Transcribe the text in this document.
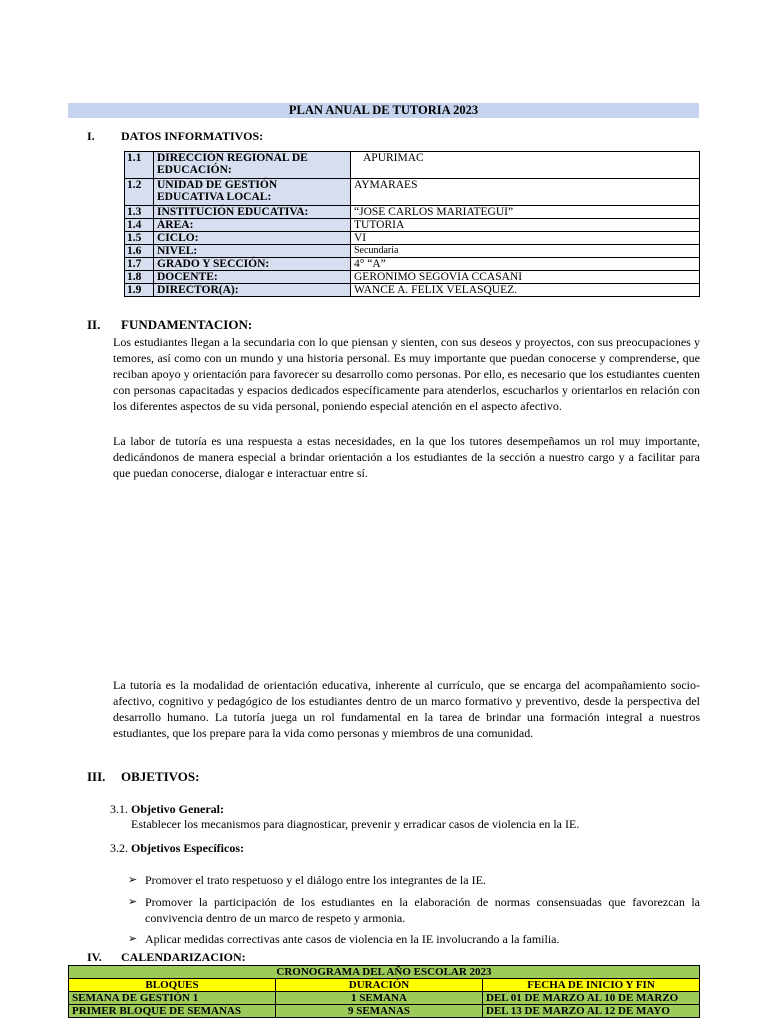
PLAN ANUAL DE TUTORIA 2023
I. DATOS INFORMATIVOS:
1.1	DIRECCIÓN REGIONAL DE EDUCACIÓN:	APURIMAC
1.2	UNIDAD DE GESTIÓN EDUCATIVA LOCAL:	AYMARAES
1.3	INSTITUCIÓN EDUCATIVA:	“JOSE CARLOS MARIATEGUI”
1.4	ÁREA:	TUTORIA
1.5	CICLO:	VI
1.6	NIVEL:	Secundaria
1.7	GRADO Y SECCIÓN:	4° “A”
1.8	DOCENTE:	GERONIMO SEGOVIA CCASANI
1.9	DIRECTOR(A):	WANCE A. FELIX VELASQUEZ.
II. FUNDAMENTACION:
Los estudiantes llegan a la secundaria con lo que piensan y sienten, con sus deseos y proyectos, con sus preocupaciones y temores, así como con un mundo y una historia personal. Es muy importante que puedan conocerse y comprenderse, que reciban apoyo y orientación para favorecer su desarrollo como personas. Por ello, es necesario que los estudiantes cuenten con personas capacitadas y espacios dedicados específicamente para atenderlos, escucharlos y orientarlos en relación con los diferentes aspectos de su vida personal, poniendo especial atención en el aspecto afectivo.
La labor de tutoría es una respuesta a estas necesidades, en la que los tutores desempeñamos un rol muy importante, dedicándonos de manera especial a brindar orientación a los estudiantes de la sección a nuestro cargo y a facilitar para que puedan conocerse, dialogar e interactuar entre sí.
La tutoría es la modalidad de orientación educativa, inherente al currículo, que se encarga del acompañamiento socio-afectivo, cognitivo y pedagógico de los estudiantes dentro de un marco formativo y preventivo, desde la perspectiva del desarrollo humano. La tutoría juega un rol fundamental en la tarea de brindar una formación integral a nuestros estudiantes, que los prepare para la vida como personas y miembros de una comunidad.
III. OBJETIVOS:
3.1. Objetivo General:
Establecer los mecanismos para diagnosticar, prevenir y erradicar casos de violencia en la IE.
3.2. Objetivos Específicos:
➢ Promover el trato respetuoso y el diálogo entre los integrantes de la IE.
➢ Promover la participación de los estudiantes en la elaboración de normas consensuadas que favorezcan la convivencia dentro de un marco de respeto y armonia.
➢ Aplicar medidas correctivas ante casos de violencia en la IE involucrando a la familia.
IV. CALENDARIZACION:
CRONOGRAMA DEL AÑO ESCOLAR 2023		
BLOQUES	DURACIÓN	FECHA DE INICIO Y FIN
SEMANA DE GESTIÓN 1	1 SEMANA	DEL 01 DE MARZO AL 10 DE MARZO
PRIMER BLOQUE DE SEMANAS	9 SEMANAS	DEL 13 DE MARZO AL 12 DE MAYO
